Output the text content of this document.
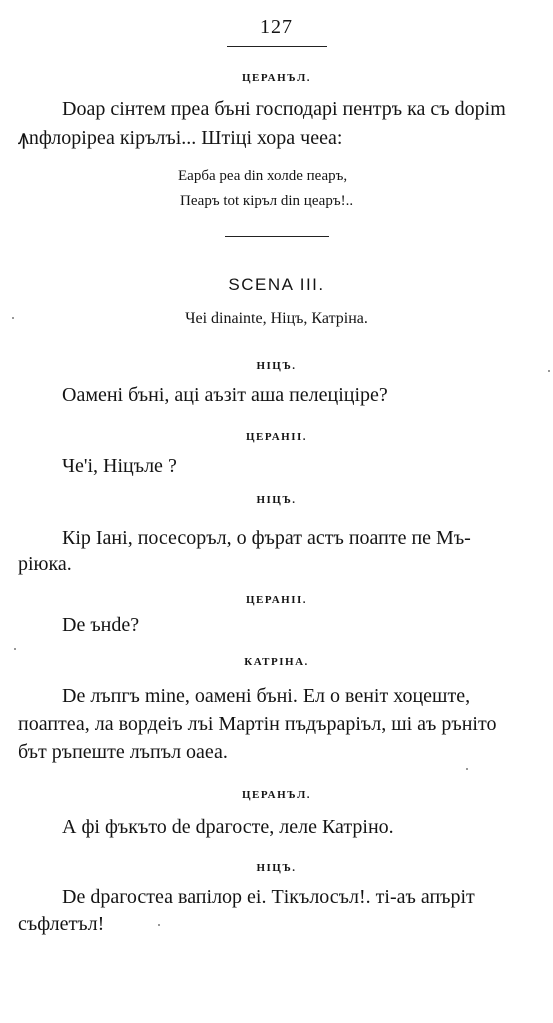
127
ЦЕРАНЪЛ.
Doар сінтем преа бъні господарі пентръ ка съ doрim
ꙟnфлоріреа кірълъі... Штіці хора чеeа:
Еарба реа din холde пеаръ,
Пеаръ tot кіръл din цеаръ!..
SCENA III.
Чеі dinainte, Ніцъ, Катріна.
НІЦЪ.
Оамені бъні, аці аъзіт аша пелеціціре?
ЦЕРАНІІ.
Че'і, Ніцъле ?
НІЦЪ.
Кір Іані, посесоръл, о фърат астъ поапте пе Мъ-
ріюка.
ЦЕРАНІІ.
De ънde?
КАТРІНА.
De лъпгъ mine, оамені бъні. Ел о веніт хоцеште,
поаптеа, ла вордеiъ лъі Мартін пъдъраріъл, ші аъ ръніто
бът ръпеште лъпъл оаеа.
ЦЕРАНЪЛ.
А фі фъкъто de dрагосте, леле Катріно.
НІЦЪ.
De dрагостеа вапілор еі. Тікълосъл!. ті-аъ апъріт
съфлетъл!
